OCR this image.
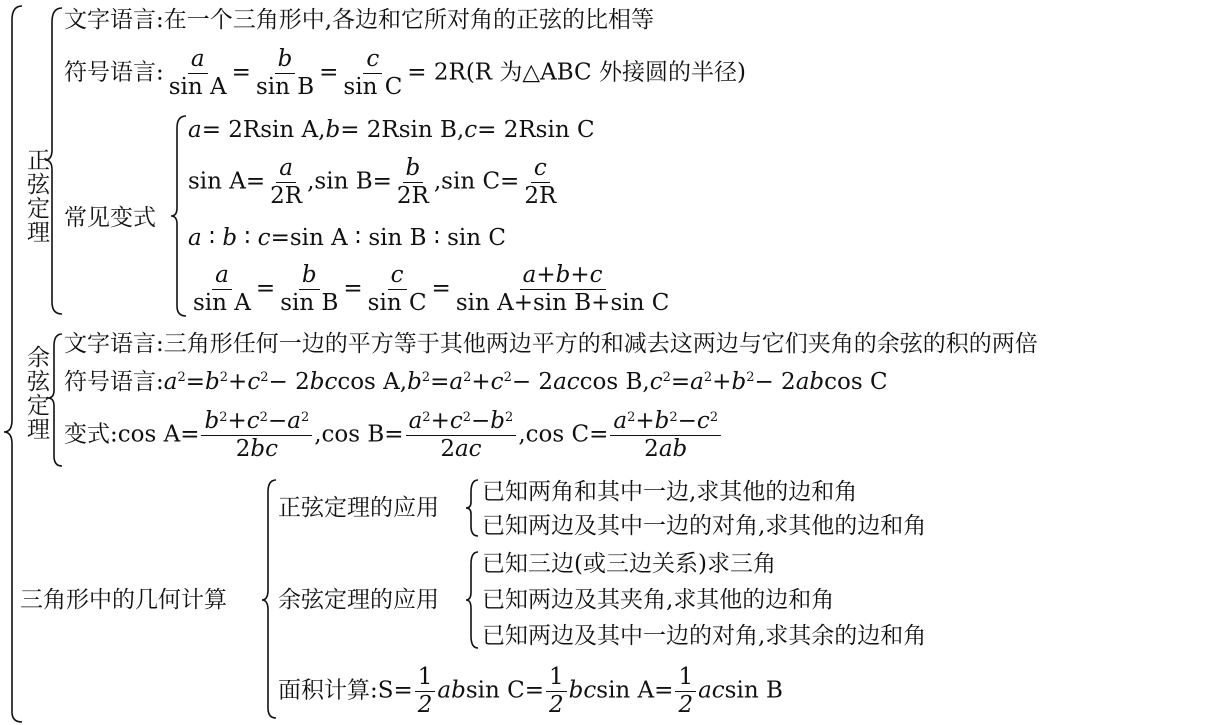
正弦定理
余弦定理
文字语言:在一个三角形中,各边和它所对角的正弦的比相等
符号语言: $\frac{a}{\text{sin A}} = \frac{b}{\text{sin B}} = \frac{c}{\text{sin C}} = 2R(R$ 为△ABC 外接圆的半径)
常见变式
a= 2Rsin A,b= 2Rsin B,c= 2Rsin C
$\sin A= \frac{a}{2R} ,\sin$ $B= \frac{b}{2R} ,\sin$ $C= \frac{c}{2R}$
a ∶ b ∶ c=sin A ∶ sin B ∶ sin C
$\frac{a}{\text{sin A}} = \frac{b}{\text{sin B}} = \frac{c}{\text{sin C}} = \frac{a+b+c}{\text{sin A+sin B+sin C}}$
文字语言:三角形任何一边的平方等于其他两边平方的和减去这两边与它们夹角的余弦的积的两倍
符号语言$:a^2=b^2+c^2- 2bccos$ $A,b^2=a^2+c^2- 2accos$ $B,c^2=a^2+b^2- 2abcos$ C
变式:cos $A= \frac{b^2+c^2-a^2}{2bc} ,\cos$ $B= \frac{a^2+c^2-b^2}{2ac} ,\cos$ $C= \frac{a^2+b^2-c^2}{2ab}$
三角形中的几何计算
正弦定理的应用
已知两角和其中一边,求其他的边和角
已知两边及其中一边的对角,求其他的边和角
余弦定理的应用
已知三边(或三边关系)求三角
已知两边及其夹角,求其他的边和角
已知两边及其中一边的对角,求其余的边和角
面积计算:S= $\frac{1}{2}$ absin $C= \frac{1}{2}$ bcsin $A= \frac{1}{2}$ acsin B
